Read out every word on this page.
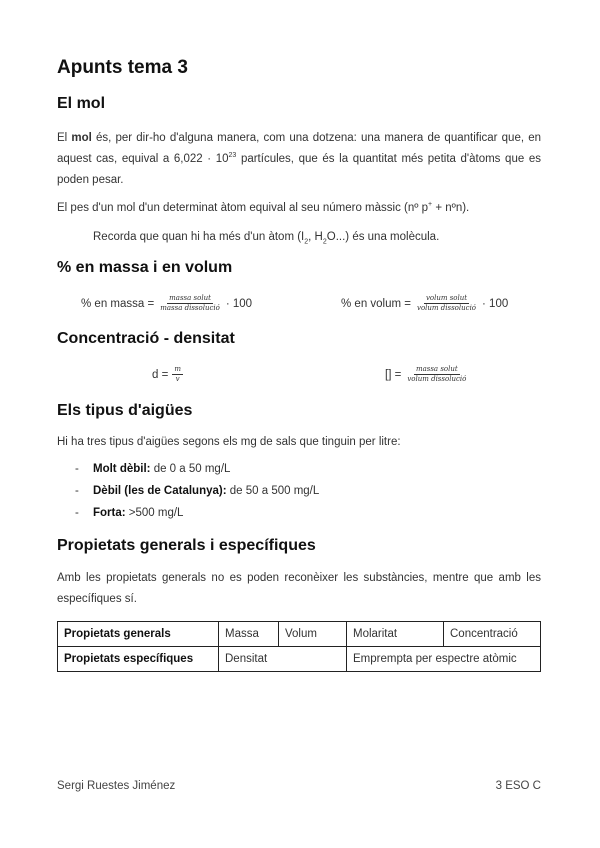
Apunts tema 3
El mol

El mol és, per dir-ho d'alguna manera, com una dotzena: una manera de quantificar que, en aquest cas, equival a $6,022 \cdot 10^{23}$ partícules, que és la quantitat més petita d'àtoms que es poden pesar.

El pes d'un mol d'un determinat àtom equival al seu número màssic (nº p+ + nºn).

Recorda que quan hi ha més d'un àtom ($I_2$, $H_2O$...) és una molècula.

% en massa i en volum
% en massa = $\frac{\text{massa solut}}{\text{massa dissolució}} \cdot 100$	% en volum = $\frac{\text{volum solut}}{\text{volum dissolució}} \cdot 100$
Concentració - densitat
$d = \frac{m}{v}$	[] = $\frac{\text{massa solut}}{\text{volum dissolució}}$
Els tipus d'aigües

Hi ha tres tipus d'aigües segons els mg de sals que tinguin per litre:

- Molt dèbil: de 0 a 50 mg/L
- Dèbil (les de Catalunya): de 50 a 500 mg/L
- Forta: >500 mg/L
Propietats generals i específiques

Amb les propietats generals no es poden reconèixer les substàncies, mentre que amb les específiques sí.

Propietats generals	Massa	Volum	Molaritat	Concentració
Propietats específiques	Densitat		Emprempta per espectre atòmic	
Sergi Ruestes Jiménez	3 ESO C
